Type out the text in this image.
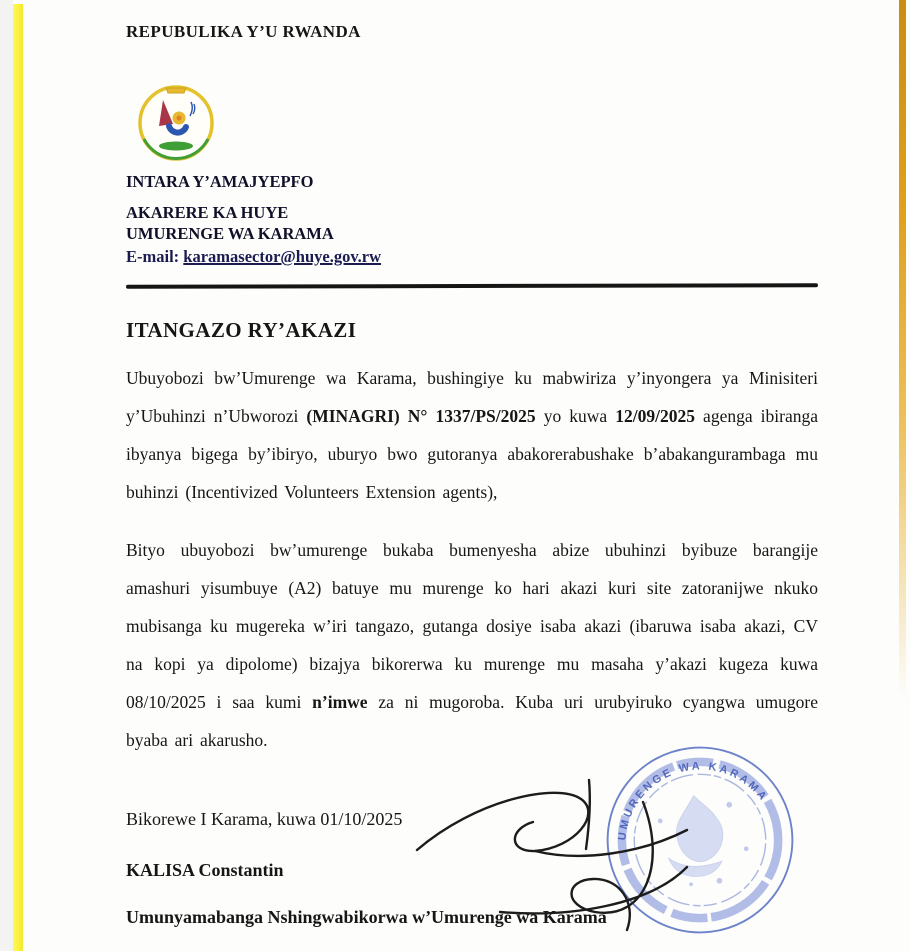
REPUBULIKA Y’U RWANDA

INTARA Y’AMAJYEPFO

AKARERE KA HUYE

UMURENGE WA KARAMA

E-mail: karamasector@huye.gov.rw

ITANGAZO RY’AKAZI

Ubuyobozi bw’Umurenge wa Karama, bushingiye ku mabwiriza y’inyongera ya Minisiteri y’Ubuhinzi n’Ubworozi (MINAGRI) N° 1337/PS/2025 yo kuwa 12/09/2025 agenga ibiranga ibyanya bigega by’ibiryo, uburyo bwo gutoranya abakorerabushake b’abakangurambaga mu buhinzi (Incentivized Volunteers Extension agents),

Bityo ubuyobozi bw’umurenge bukaba bumenyesha abize ubuhinzi byibuze barangije amashuri yisumbuye (A2) batuye mu murenge ko hari akazi kuri site zatoranijwe nkuko mubisanga ku mugereka w’iri tangazo, gutanga dosiye isaba akazi (ibaruwa isaba akazi, CV na kopi ya dipolome) bizajya bikorerwa ku murenge mu masaha y’akazi kugeza kuwa 08/10/2025 i saa kumi n’imwe za ni mugoroba. Kuba uri urubyiruko cyangwa umugore byaba ari akarusho.

Bikorewe I Karama, kuwa 01/10/2025

KALISA Constantin

Umunyamabanga Nshingwabikorwa w’Umurenge wa Karama

UMURENGE WA KARAMA
